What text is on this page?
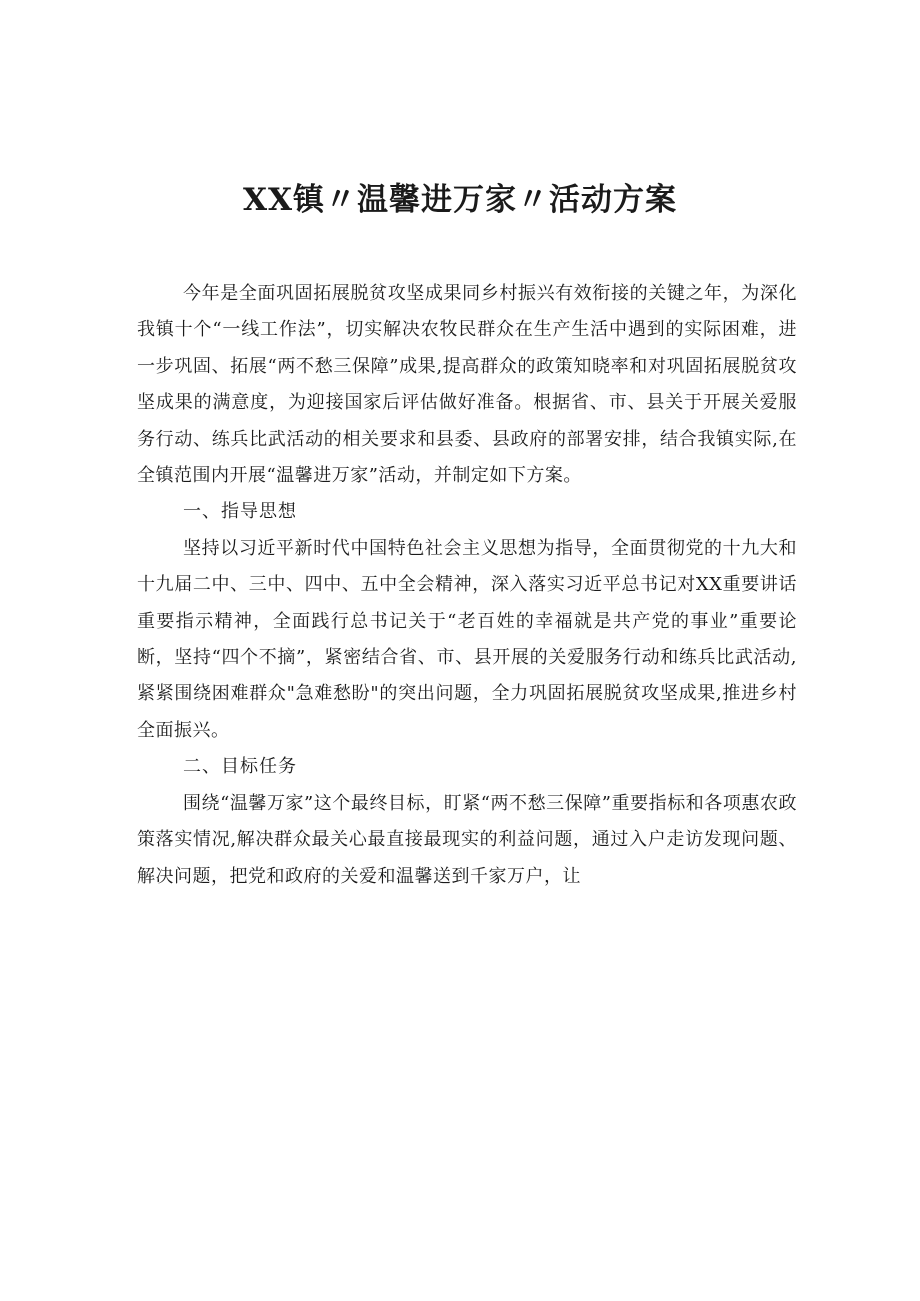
XX镇〃温馨进万家〃活动方案

今年是全面巩固拓展脱贫攻坚成果同乡村振兴有效衔接的关键之年，为深化我镇十个“一线工作法”，切实解决农牧民群众在生产生活中遇到的实际困难，进一步巩固、拓展“两不愁三保障”成果,提高群众的政策知晓率和对巩固拓展脱贫攻坚成果的满意度，为迎接国家后评估做好准备。根据省、市、县关于开展关爱服务行动、练兵比武活动的相关要求和县委、县政府的部署安排，结合我镇实际,在全镇范围内开展“温馨进万家”活动，并制定如下方案。

一、指导思想

坚持以习近平新时代中国特色社会主义思想为指导，全面贯彻党的十九大和十九届二中、三中、四中、五中全会精神，深入落实习近平总书记对XX重要讲话重要指示精神，全面践行总书记关于“老百姓的幸福就是共产党的事业”重要论断，坚持“四个不摘”，紧密结合省、市、县开展的关爱服务行动和练兵比武活动,紧紧围绕困难群众"急难愁盼"的突出问题，全力巩固拓展脱贫攻坚成果,推进乡村全面振兴。

二、目标任务

围绕“温馨万家”这个最终目标，盯紧“两不愁三保障”重要指标和各项惠农政策落实情况,解决群众最关心最直接最现实的利益问题，通过入户走访发现问题、解决问题，把党和政府的关爱和温馨送到千家万户，让
